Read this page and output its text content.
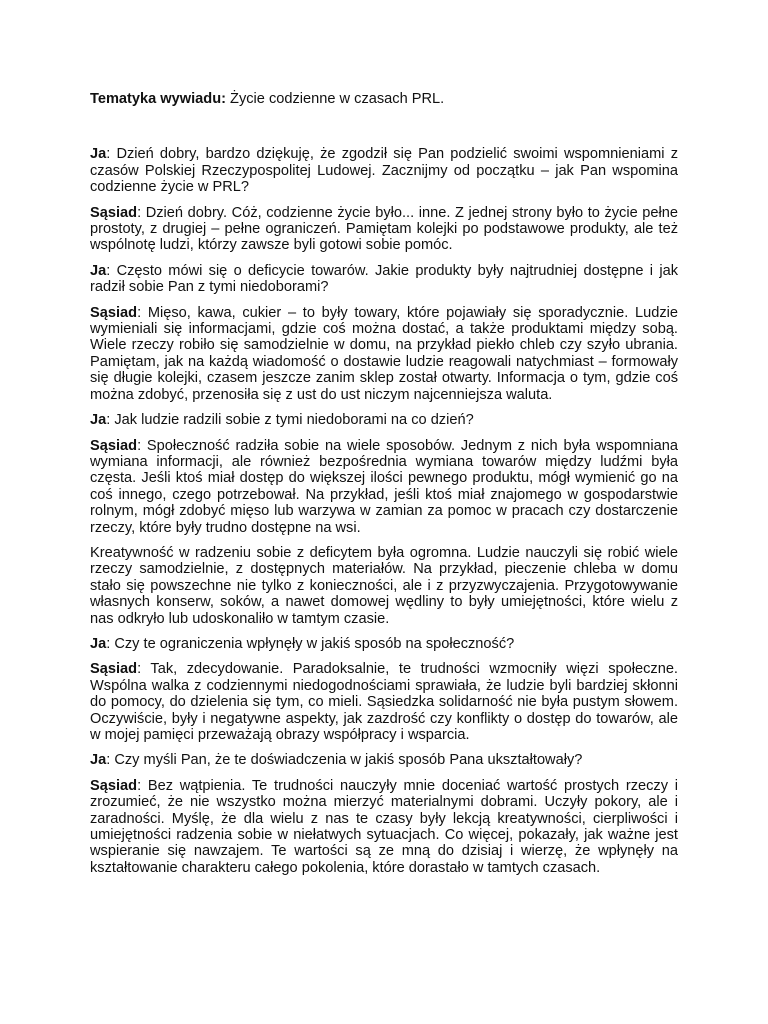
Tematyka wywiadu: Życie codzienne w czasach PRL.

Ja: Dzień dobry, bardzo dziękuję, że zgodził się Pan podzielić swoimi wspomnieniami z czasów Polskiej Rzeczypospolitej Ludowej. Zacznijmy od początku – jak Pan wspomina codzienne życie w PRL?

Sąsiad: Dzień dobry. Cóż, codzienne życie było... inne. Z jednej strony było to życie pełne prostoty, z drugiej – pełne ograniczeń. Pamiętam kolejki po podstawowe produkty, ale też wspólnotę ludzi, którzy zawsze byli gotowi sobie pomóc.

Ja: Często mówi się o deficycie towarów. Jakie produkty były najtrudniej dostępne i jak radził sobie Pan z tymi niedoborami?

Sąsiad: Mięso, kawa, cukier – to były towary, które pojawiały się sporadycznie. Ludzie wymieniali się informacjami, gdzie coś można dostać, a także produktami między sobą. Wiele rzeczy robiło się samodzielnie w domu, na przykład piekło chleb czy szyło ubrania. Pamiętam, jak na każdą wiadomość o dostawie ludzie reagowali natychmiast – formowały się długie kolejki, czasem jeszcze zanim sklep został otwarty. Informacja o tym, gdzie coś można zdobyć, przenosiła się z ust do ust niczym najcenniejsza waluta.

Ja: Jak ludzie radzili sobie z tymi niedoborami na co dzień?

Sąsiad: Społeczność radziła sobie na wiele sposobów. Jednym z nich była wspomniana wymiana informacji, ale również bezpośrednia wymiana towarów między ludźmi była częsta. Jeśli ktoś miał dostęp do większej ilości pewnego produktu, mógł wymienić go na coś innego, czego potrzebował. Na przykład, jeśli ktoś miał znajomego w gospodarstwie rolnym, mógł zdobyć mięso lub warzywa w zamian za pomoc w pracach czy dostarczenie rzeczy, które były trudno dostępne na wsi.

Kreatywność w radzeniu sobie z deficytem była ogromna. Ludzie nauczyli się robić wiele rzeczy samodzielnie, z dostępnych materiałów. Na przykład, pieczenie chleba w domu stało się powszechne nie tylko z konieczności, ale i z przyzwyczajenia. Przygotowywanie własnych konserw, soków, a nawet domowej wędliny to były umiejętności, które wielu z nas odkryło lub udoskonaliło w tamtym czasie.

Ja: Czy te ograniczenia wpłynęły w jakiś sposób na społeczność?

Sąsiad: Tak, zdecydowanie. Paradoksalnie, te trudności wzmocniły więzi społeczne. Wspólna walka z codziennymi niedogodnościami sprawiała, że ludzie byli bardziej skłonni do pomocy, do dzielenia się tym, co mieli. Sąsiedzka solidarność nie była pustym słowem. Oczywiście, były i negatywne aspekty, jak zazdrość czy konflikty o dostęp do towarów, ale w mojej pamięci przeważają obrazy współpracy i wsparcia.

Ja: Czy myśli Pan, że te doświadczenia w jakiś sposób Pana ukształtowały?

Sąsiad: Bez wątpienia. Te trudności nauczyły mnie doceniać wartość prostych rzeczy i zrozumieć, że nie wszystko można mierzyć materialnymi dobrami. Uczyły pokory, ale i zaradności. Myślę, że dla wielu z nas te czasy były lekcją kreatywności, cierpliwości i umiejętności radzenia sobie w niełatwych sytuacjach. Co więcej, pokazały, jak ważne jest wspieranie się nawzajem. Te wartości są ze mną do dzisiaj i wierzę, że wpłynęły na kształtowanie charakteru całego pokolenia, które dorastało w tamtych czasach.
